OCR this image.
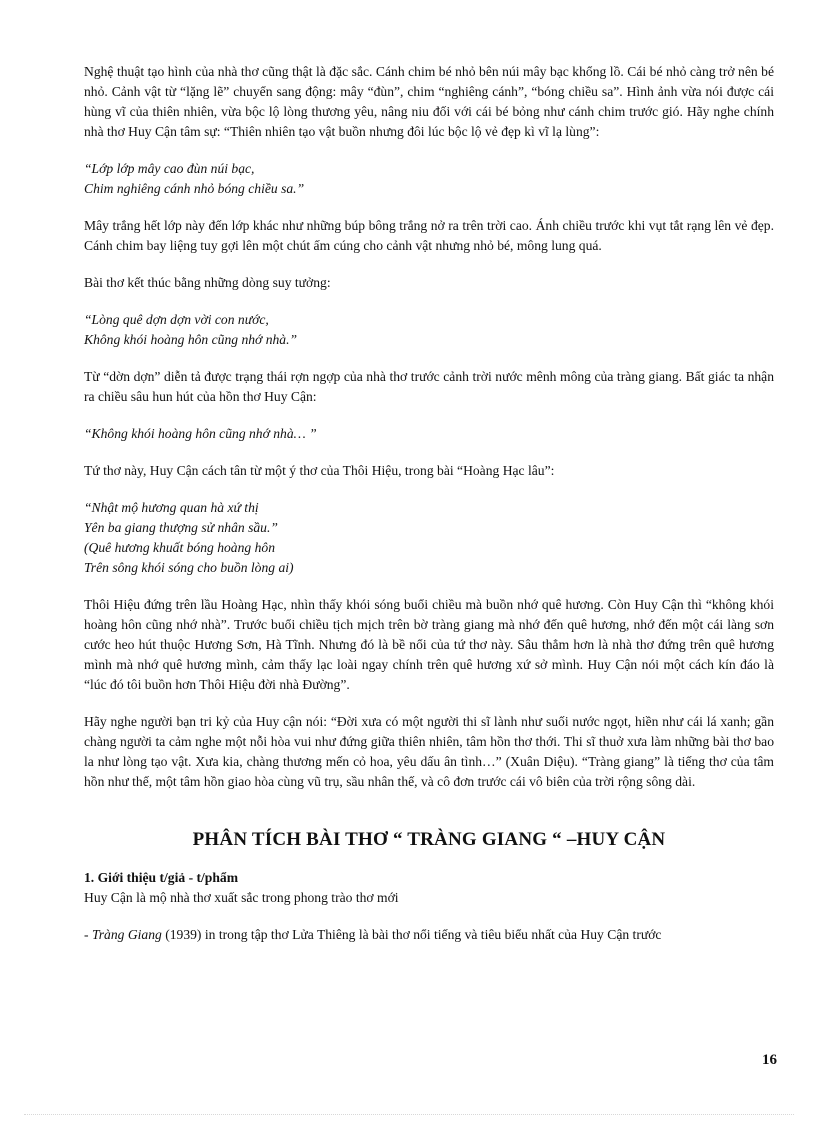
Nghệ thuật tạo hình của nhà thơ cũng thật là đặc sắc. Cánh chim bé nhỏ bên núi mây bạc khổng lồ. Cái bé nhỏ càng trở nên bé nhỏ. Cảnh vật từ “lặng lẽ” chuyển sang động: mây “đùn”, chim “nghiêng cánh”, “bóng chiều sa”. Hình ảnh vừa nói được cái hùng vĩ của thiên nhiên, vừa bộc lộ lòng thương yêu, nâng niu đối với cái bé bỏng như cánh chim trước gió. Hãy nghe chính nhà thơ Huy Cận tâm sự: “Thiên nhiên tạo vật buồn nhưng đôi lúc bộc lộ vẻ đẹp kì vĩ lạ lùng”:

“Lớp lớp mây cao đùn núi bạc,
Chim nghiêng cánh nhỏ bóng chiều sa.”

Mây trắng hết lớp này đến lớp khác như những búp bông trắng nở ra trên trời cao. Ánh chiều trước khi vụt tắt rạng lên vẻ đẹp. Cánh chim bay liệng tuy gợi lên một chút ấm cúng cho cảnh vật nhưng nhỏ bé, mông lung quá.

Bài thơ kết thúc bằng những dòng suy tưởng:

“Lòng quê dợn dợn vời con nước,
Không khói hoàng hôn cũng nhớ nhà.”

Từ “dờn dợn” diễn tả được trạng thái rợn ngợp của nhà thơ trước cảnh trời nước mênh mông của tràng giang. Bất giác ta nhận ra chiều sâu hun hút của hồn thơ Huy Cận:

“Không khói hoàng hôn cũng nhớ nhà… ”

Tứ thơ này, Huy Cận cách tân từ một ý thơ của Thôi Hiệu, trong bài “Hoàng Hạc lâu”:

“Nhật mộ hương quan hà xứ thị
Yên ba giang thượng sử nhân sầu.”
(Quê hương khuất bóng hoàng hôn
Trên sông khói sóng cho buồn lòng ai)

Thôi Hiệu đứng trên lầu Hoàng Hạc, nhìn thấy khói sóng buổi chiều mà buồn nhớ quê hương. Còn Huy Cận thì “không khói hoàng hôn cũng nhớ nhà”. Trước buổi chiều tịch mịch trên bờ tràng giang mà nhớ đến quê hương, nhớ đến một cái làng sơn cước heo hút thuộc Hương Sơn, Hà Tĩnh. Nhưng đó là bề nổi của tứ thơ này. Sâu thẳm hơn là nhà thơ đứng trên quê hương mình mà nhớ quê hương mình, cảm thấy lạc loài ngay chính trên quê hương xứ sở mình. Huy Cận nói một cách kín đáo là “lúc đó tôi buồn hơn Thôi Hiệu đời nhà Đường”.

Hãy nghe người bạn tri kỷ của Huy cận nói: “Đời xưa có một người thi sĩ lành như suối nước ngọt, hiền như cái lá xanh; gần chàng người ta cảm nghe một nỗi hòa vui như đứng giữa thiên nhiên, tâm hồn thơ thới. Thi sĩ thuở xưa làm những bài thơ bao la như lòng tạo vật. Xưa kia, chàng thương mến cỏ hoa, yêu dấu ân tình…” (Xuân Diệu). “Tràng giang” là tiếng thơ của tâm hồn như thế, một tâm hồn giao hòa cùng vũ trụ, sầu nhân thế, và cô đơn trước cái vô biên của trời rộng sông dài.

PHÂN TÍCH BÀI THƠ “ TRÀNG GIANG “ –HUY CẬN

1. Giới thiệu t/giả - t/phẩm

Huy Cận là mộ nhà thơ xuất sắc trong phong trào thơ mới

- Tràng Giang (1939) in trong tập thơ Lửa Thiêng là bài thơ nổi tiếng và tiêu biểu nhất của Huy Cận trước

16
